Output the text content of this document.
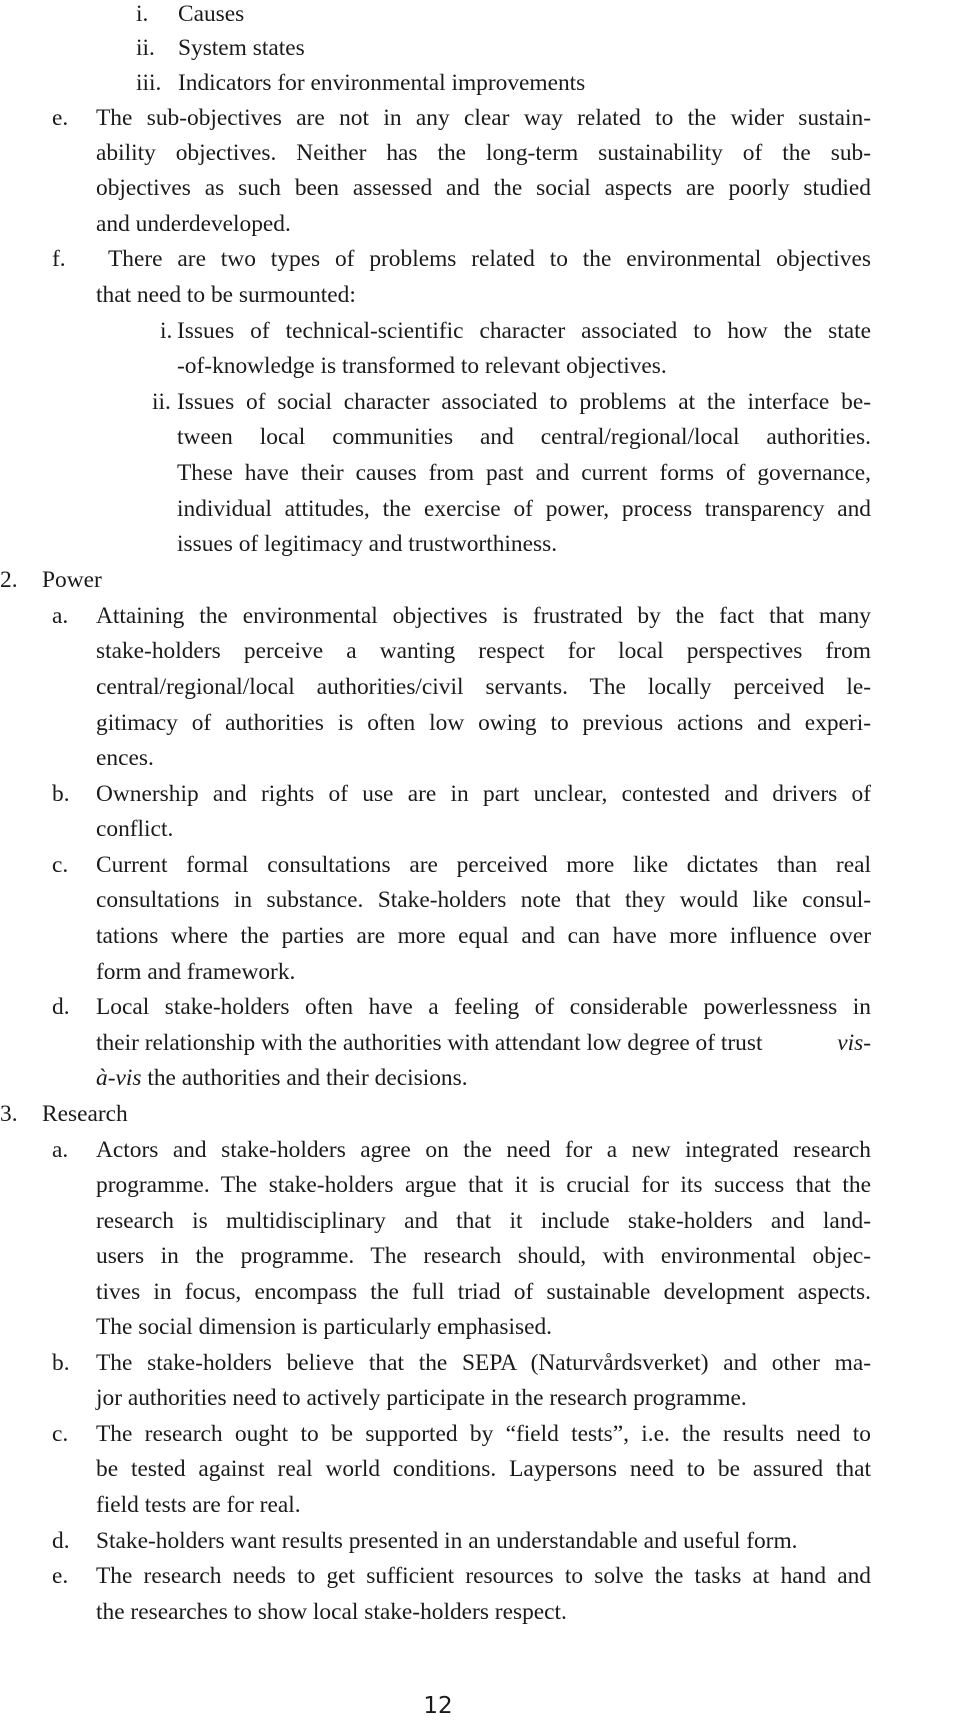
i. Causes
ii. System states
iii. Indicators for environmental improvements
e. The sub-objectives are not in any clear way related to the wider sustain-
ability objectives. Neither has the long-term sustainability of the sub-
objectives as such been assessed and the social aspects are poorly studied
and underdeveloped.
f. There are two types of problems related to the environmental objectives
that need to be surmounted:
i. Issues of technical-scientific character associated to how the state
-of-knowledge is transformed to relevant objectives.
ii. Issues of social character associated to problems at the interface be-
tween local communities and central/regional/local authorities.
These have their causes from past and current forms of governance,
individual attitudes, the exercise of power, process transparency and
issues of legitimacy and trustworthiness.
2. Power
a. Attaining the environmental objectives is frustrated by the fact that many
stake-holders perceive a wanting respect for local perspectives from
central/regional/local authorities/civil servants. The locally perceived le-
gitimacy of authorities is often low owing to previous actions and experi-
ences.
b. Ownership and rights of use are in part unclear, contested and drivers of
conflict.
c. Current formal consultations are perceived more like dictates than real
consultations in substance. Stake-holders note that they would like consul-
tations where the parties are more equal and can have more influence over
form and framework.
d. Local stake-holders often have a feeling of considerable powerlessness in
their relationship with the authorities with attendant low degree of trust	vis-
à-vis the authorities and their decisions.
3. Research
a. Actors and stake-holders agree on the need for a new integrated research
programme. The stake-holders argue that it is crucial for its success that the
research is multidisciplinary and that it include stake-holders and land-
users in the programme. The research should, with environmental objec-
tives in focus, encompass the full triad of sustainable development aspects.
The social dimension is particularly emphasised.
b. The stake-holders believe that the SEPA (Naturvårdsverket) and other ma-
jor authorities need to actively participate in the research programme.
c. The research ought to be supported by “field tests”, i.e. the results need to
be tested against real world conditions. Laypersons need to be assured that
field tests are for real.
d. Stake-holders want results presented in an understandable and useful form.
e. The research needs to get sufficient resources to solve the tasks at hand and
the researches to show local stake-holders respect.
12
